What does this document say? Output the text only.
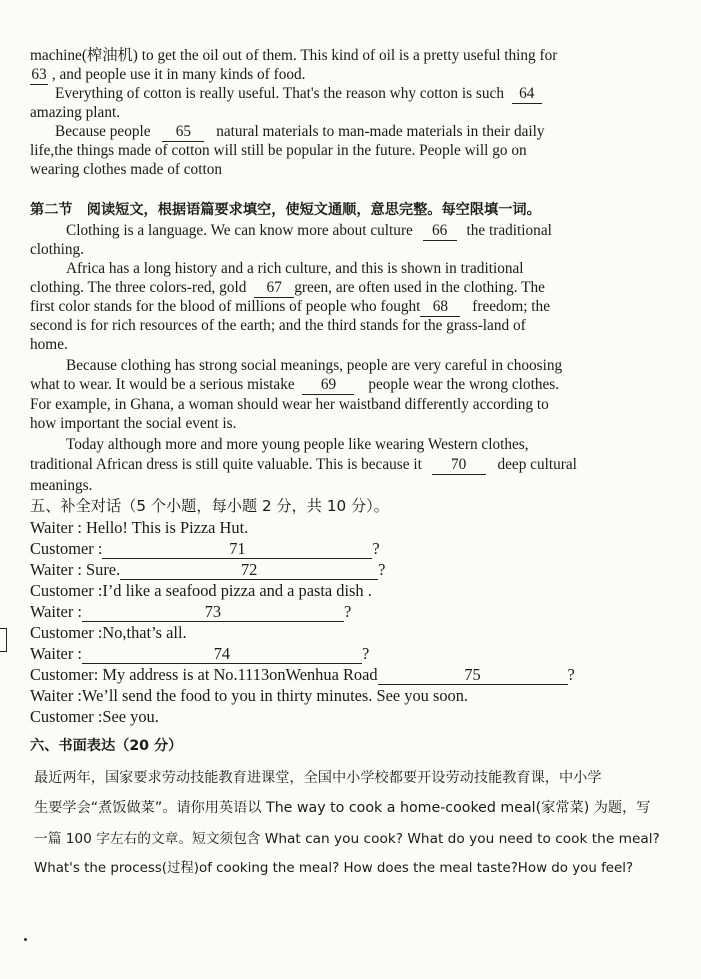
machine(榨油机) to get the oil out of them. This kind of oil is a pretty useful thing for
63 , and people use it in many kinds of food.
Everything of cotton is really useful. That's the reason why cotton is such 64
amazing plant.
Because people 65 natural materials to man-made materials in their daily
life,the things made of cotton will still be popular in the future. People will go on
wearing clothes made of cotton
第二节　阅读短文，根据语篇要求填空，使短文通顺，意思完整。每空限填一词。
Clothing is a language. We can know more about culture 66 the traditional
clothing.
Africa has a long history and a rich culture, and this is shown in traditional
clothing. The three colors-red, gold 67 green, are often used in the clothing. The
first color stands for the blood of millions of people who fought 68 freedom; the
second is for rich resources of the earth; and the third stands for the grass-land of
home.
Because clothing has strong social meanings, people are very careful in choosing
what to wear. It would be a serious mistake 69 people wear the wrong clothes.
For example, in Ghana, a woman should wear her waistband differently according to
how important the social event is.
Today although more and more young people like wearing Western clothes,
traditional African dress is still quite valuable. This is because it 70 deep cultural
meanings.
五、补全对话（5 个小题，每小题 2 分，共 10 分）。
Waiter : Hello! This is Pizza Hut.
Customer :	71	?
Waiter : Sure.	72	?
Customer :I’d like a seafood pizza and a pasta dish .
Waiter :	73	?
Customer :No,that’s all.
Waiter :	74	?
Customer: My address is at No.1113onWenhua Road	75	?
Waiter :We’ll send the food to you in thirty minutes. See you soon.
Customer :See you.
六、书面表达（20 分）
最近两年，国家要求劳动技能教育进课堂，全国中小学校都要开设劳动技能教育课，中小学
生要学会“煮饭做菜”。请你用英语以 The way to cook a home-cooked meal(家常菜) 为题，写
一篇 100 字左右的文章。短文须包含 What can you cook? What do you need to cook the meal?
What's the process(过程)of cooking the meal? How does the meal taste?How do you feel?
